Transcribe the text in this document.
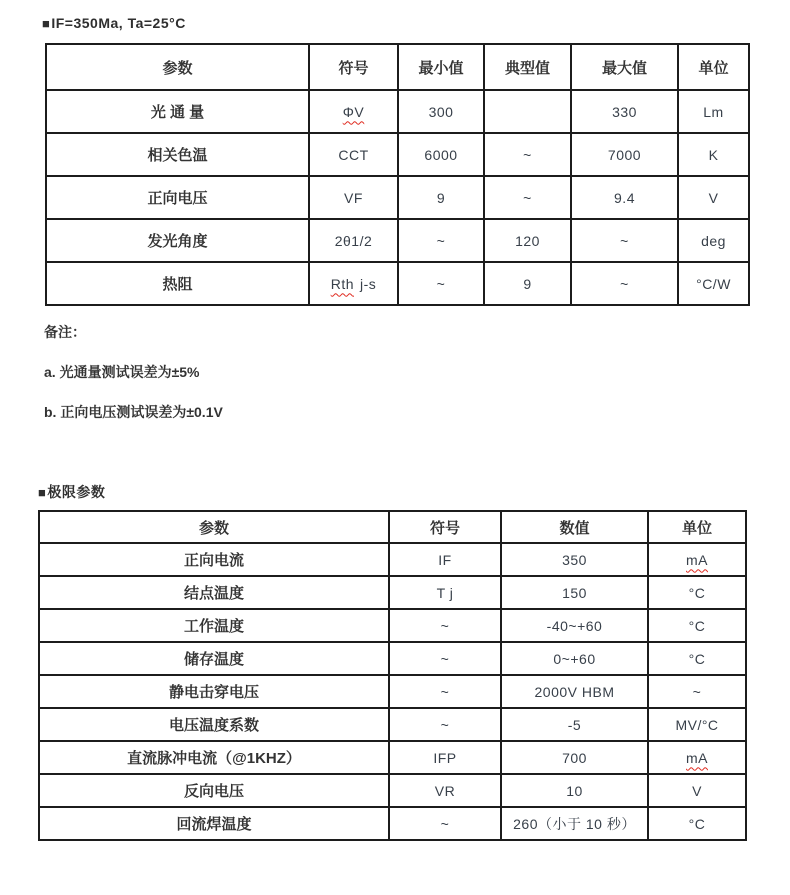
■IF=350Ma, Ta=25°C
参数	符号	最小值	典型值	最大值	单位
光 通 量	ΦV	300		330	Lm
相关色温	CCT	6000	~	7000	K
正向电压	VF	9	~	9.4	V
发光角度	2θ1/2	~	120	~	deg
热阻	Rth j-s	~	9	~	°C/W
备注：
a. 光通量测试误差为±5%
b. 正向电压测试误差为±0.1V
■极限参数
参数	符号	数值	单位
正向电流	IF	350	mA
结点温度	T j	150	°C
工作温度	~	-40~+60	°C
储存温度	~	0~+60	°C
静电击穿电压	~	2000V HBM	~
电压温度系数	~	-5	MV/°C
直流脉冲电流（@1KHZ）	IFP	700	mA
反向电压	VR	10	V
回流焊温度	~	260（小于 10 秒）	°C
